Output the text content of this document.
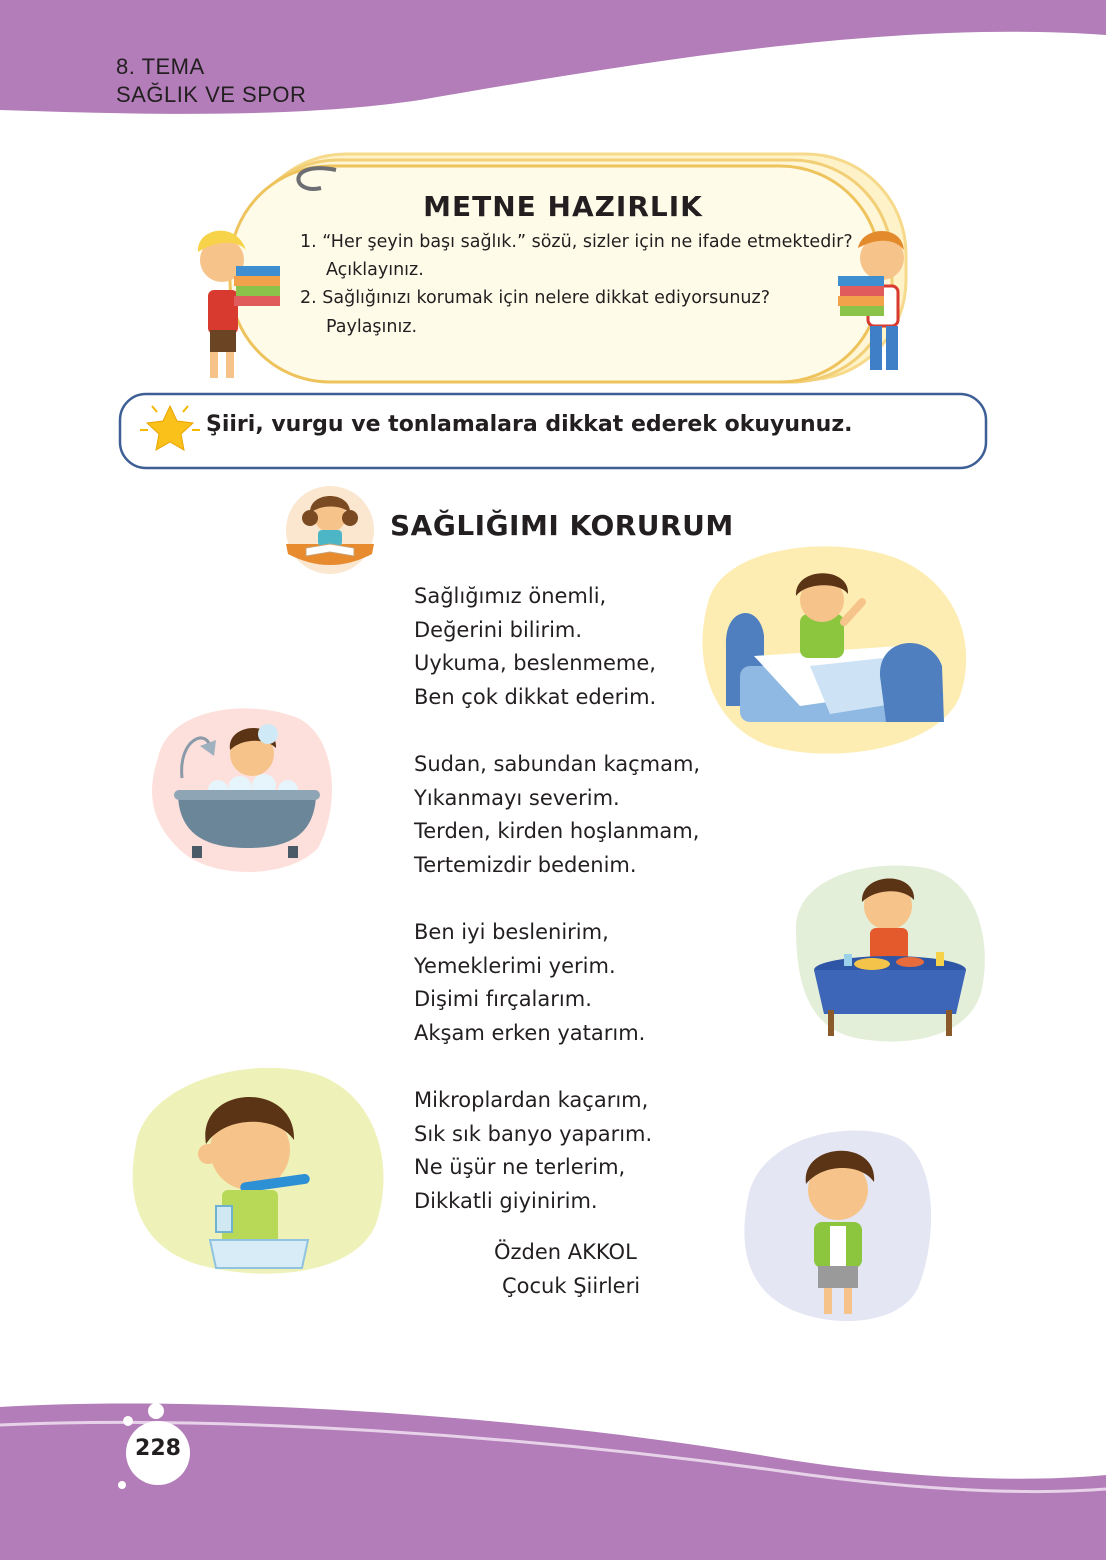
8. TEMA
SAĞLIK VE SPOR
METNE HAZIRLIK
1. “Her şeyin başı sağlık.” sözü, sizler için ne ifade etmektedir?
Açıklayınız.
2. Sağlığınızı korumak için nelere dikkat ediyorsunuz?
Paylaşınız.
Şiiri, vurgu ve tonlamalara dikkat ederek okuyunuz.
SAĞLIĞIMI KORURUM
Sağlığımız önemli,
Değerini bilirim.
Uykuma, beslenmeme,
Ben çok dikkat ederim.
Sudan, sabundan kaçmam,
Yıkanmayı severim.
Terden, kirden hoşlanmam,
Tertemizdir bedenim.
Ben iyi beslenirim,
Yemeklerimi yerim.
Dişimi fırçalarım.
Akşam erken yatarım.
Mikroplardan kaçarım,
Sık sık banyo yaparım.
Ne üşür ne terlerim,
Dikkatli giyinirim.
Özden AKKOL
Çocuk Şiirleri
228
